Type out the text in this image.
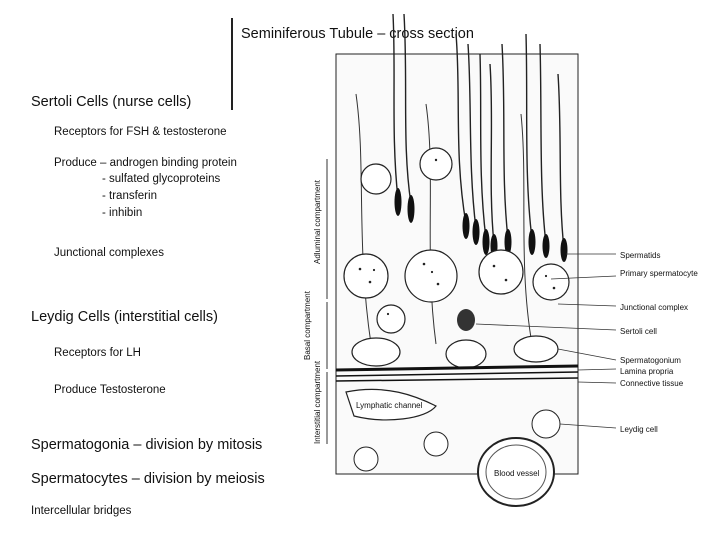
Seminiferous Tubule – cross section
Sertoli Cells (nurse cells)
Receptors for FSH & testosterone
Produce – androgen binding protein
- sulfated glycoproteins
- transferin
- inhibin
Junctional complexes
Leydig Cells (interstitial cells)
Receptors for LH
Produce Testosterone
Spermatogonia – division by mitosis
Spermatocytes – division by meiosis
Intercellular bridges
Adluminal compartment
Basal compartment
Interstitial compartment
Spermatids
Primary spermatocyte
Junctional complex
Sertoli cell
Spermatogonium
Lamina propria
Connective tissue
Leydig cell
Lymphatic channel
Blood vessel
